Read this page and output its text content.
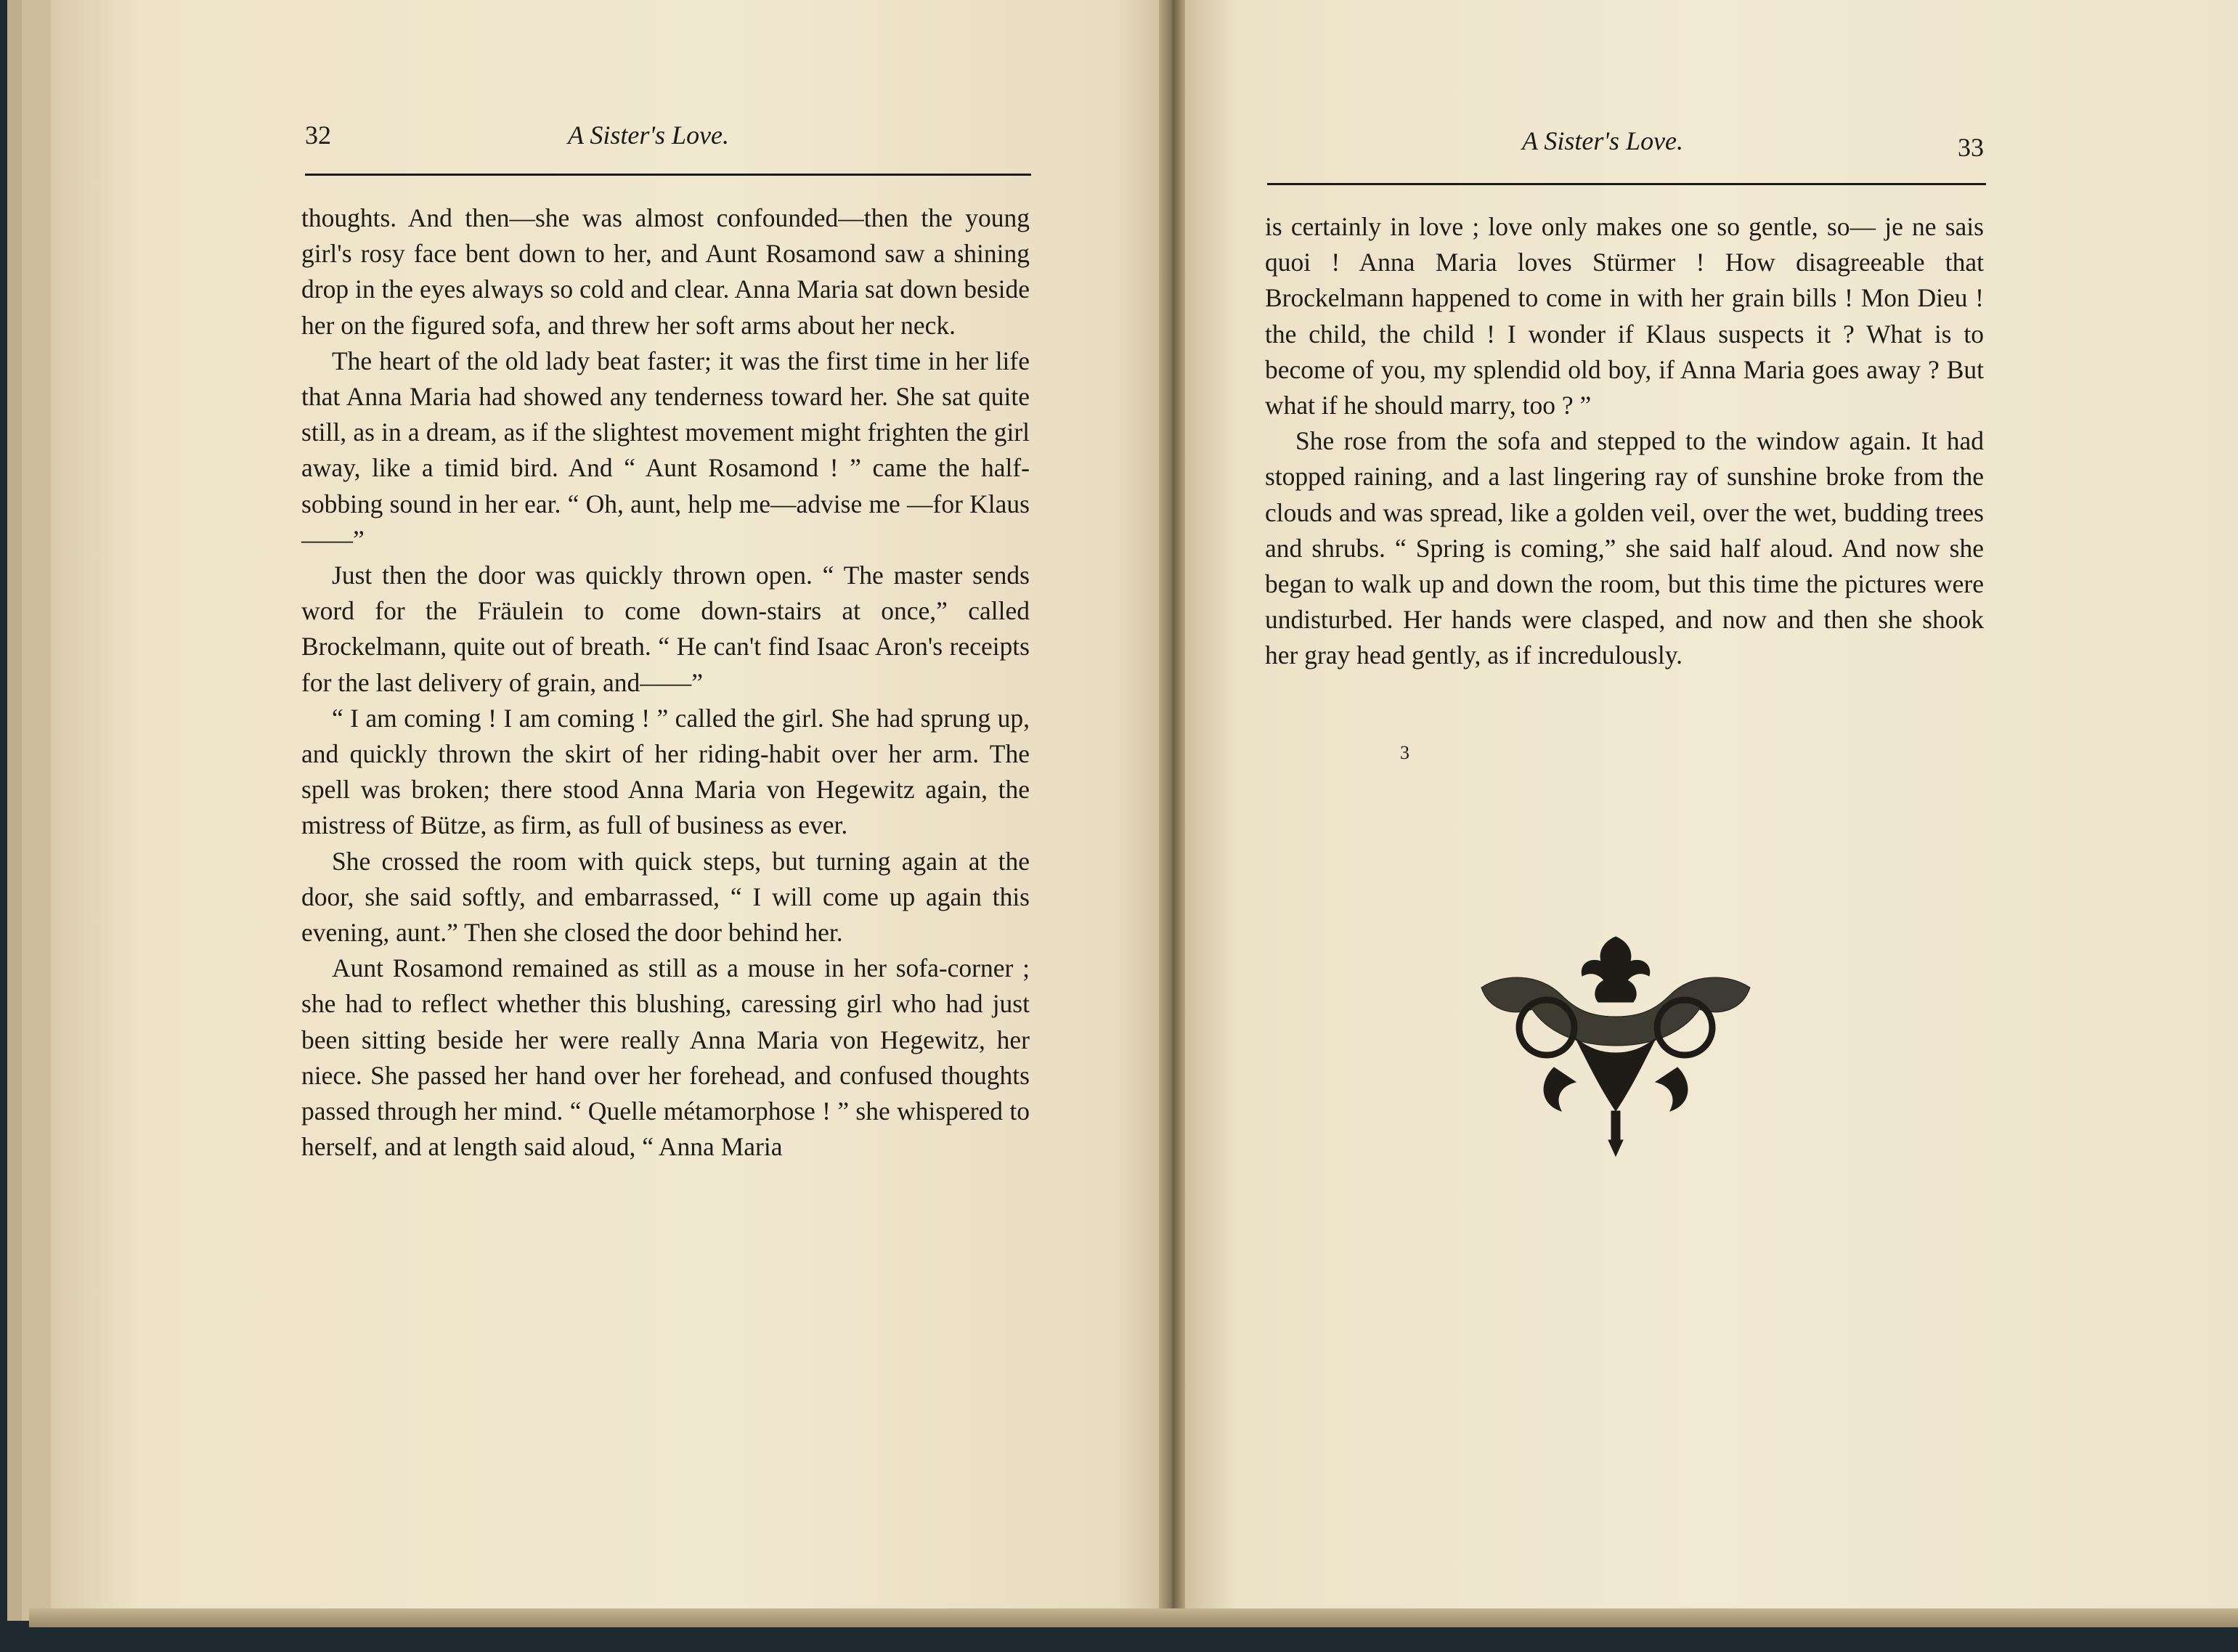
32	A Sister's Love.

thoughts. And then—she was almost confounded—then the young girl's rosy face bent down to her, and Aunt Rosamond saw a shining drop in the eyes always so cold and clear. Anna Maria sat down beside her on the figured sofa, and threw her soft arms about her neck.

The heart of the old lady beat faster; it was the first time in her life that Anna Maria had showed any tenderness toward her. She sat quite still, as in a dream, as if the slightest movement might frighten the girl away, like a timid bird. And “ Aunt Rosamond ! ” came the half-sobbing sound in her ear. “ Oh, aunt, help me—advise me —for Klaus——”

Just then the door was quickly thrown open. “ The master sends word for the Fräulein to come down-stairs at once,” called Brockelmann, quite out of breath. “ He can't find Isaac Aron's receipts for the last delivery of grain, and——”

“ I am coming ! I am coming ! ” called the girl. She had sprung up, and quickly thrown the skirt of her riding-habit over her arm. The spell was broken; there stood Anna Maria von Hegewitz again, the mistress of Bütze, as firm, as full of business as ever.

She crossed the room with quick steps, but turning again at the door, she said softly, and embarrassed, “ I will come up again this evening, aunt.” Then she closed the door behind her.

Aunt Rosamond remained as still as a mouse in her sofa-corner ; she had to reflect whether this blushing, caressing girl who had just been sitting beside her were really Anna Maria von Hegewitz, her niece. She passed her hand over her forehead, and confused thoughts passed through her mind. “ Quelle métamorphose ! ” she whispered to herself, and at length said aloud, “ Anna Maria

A Sister's Love.	33

is certainly in love ; love only makes one so gentle, so— je ne sais quoi ! Anna Maria loves Stürmer ! How disagreeable that Brockelmann happened to come in with her grain bills ! Mon Dieu ! the child, the child ! I wonder if Klaus suspects it ? What is to become of you, my splendid old boy, if Anna Maria goes away ? But what if he should marry, too ? ”

She rose from the sofa and stepped to the window again. It had stopped raining, and a last lingering ray of sunshine broke from the clouds and was spread, like a golden veil, over the wet, budding trees and shrubs. “ Spring is coming,” she said half aloud. And now she began to walk up and down the room, but this time the pictures were undisturbed. Her hands were clasped, and now and then she shook her gray head gently, as if incredulously.

3
